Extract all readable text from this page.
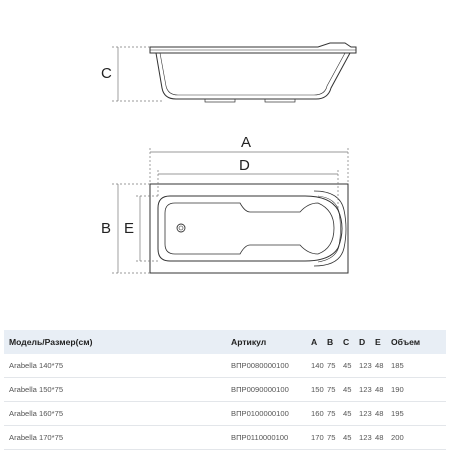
C
A
D
B E
Модель/Размер(см)	Артикул	A	B	C	D	E	Объем
Arabella 140*75	ВПР0080000100	140	75	45	123	48	185
Arabella 150*75	ВПР0090000100	150	75	45	123	48	190
Arabella 160*75	ВПР0100000100	160	75	45	123	48	195
Arabella 170*75	ВПР0110000100	170	75	45	123	48	200
